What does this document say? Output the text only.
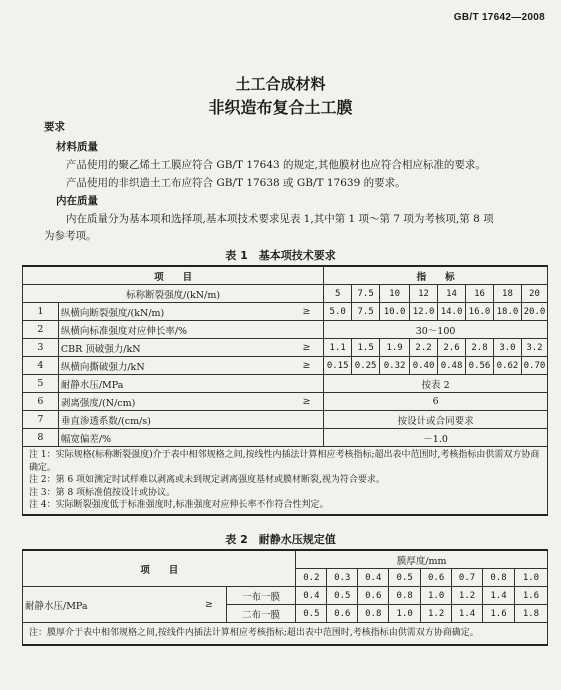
GB/T 17642—2008
土工合成材料
非织造布复合土工膜
要求
材料质量
产品使用的聚乙烯土工膜应符合 GB/T 17643 的规定,其他膜材也应符合相应标准的要求。
产品使用的非织造土工布应符合 GB/T 17638 或 GB/T 17639 的要求。
内在质量
内在质量分为基本项和选择项,基本项技术要求见表 1,其中第 1 项～第 7 项为考核项,第 8 项
为参考项。
表 1　基本项技术要求
项　　目			指　　标							
标称断裂强度/(kN/m)			5	7.5	10	12	14	16	18	20
1	纵横向断裂强度/(kN/m)	≥	5.0	7.5	10.0	12.0	14.0	16.0	18.0	20.0
2	纵横向标准强度对应伸长率/%		30～100							
3	CBR 顶破强力/kN	≥	1.1	1.5	1.9	2.2	2.6	2.8	3.0	3.2
4	纵横向撕破强力/kN	≥	0.15	0.25	0.32	0.40	0.48	0.56	0.62	0.70
5	耐静水压/MPa		按表 2							
6	剥离强度/(N/cm)	≥	6							
7	垂直渗透系数/(cm/s)		按设计或合同要求							
8	幅宽偏差/%		－1.0							

注 1：实际规格(标称断裂强度)介于表中相邻规格之间,按线性内插法计算相应考核指标;超出表中范围时,考核指标由供需双方协商确定。
注 2：第 6 项如测定时试样难以剥离或未到规定剥离强度基材或膜材断裂,视为符合要求。
注 3：第 8 项标准值按设计或协议。
注 4：实际断裂强度低于标准强度时,标准强度对应伸长率不作符合性判定。										
表 2　耐静水压规定值
项　　目			膜厚度/mm							
			0.2	0.3	0.4	0.5	0.6	0.7	0.8	1.0
耐静水压/MPa	≥	一布一膜	0.4	0.5	0.6	0.8	1.0	1.2	1.4	1.6
		二布一膜	0.5	0.6	0.8	1.0	1.2	1.4	1.6	1.8
注：膜厚介于表中相邻规格之间,按线件内插法计算相应考核指标;超出表中范围时,考核指标由供需双方协商确定。										
